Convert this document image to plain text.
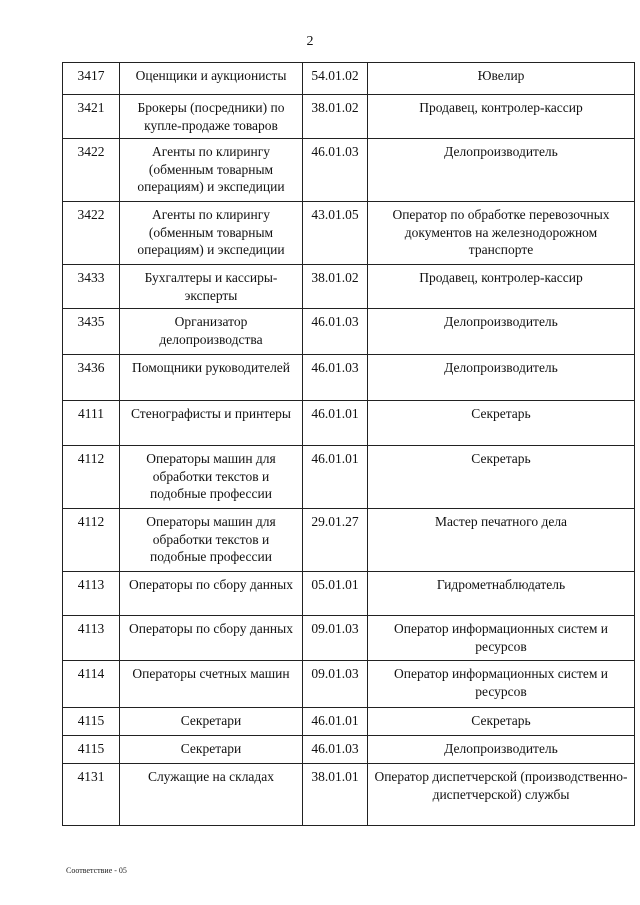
2
3417	Оценщики и аукционисты	54.01.02	Ювелир
3421	Брокеры (посредники) по купле-продаже товаров	38.01.02	Продавец, контролер-кассир
3422	Агенты по клирингу (обменным товарным операциям) и экспедиции	46.01.03	Делопроизводитель
3422	Агенты по клирингу (обменным товарным операциям) и экспедиции	43.01.05	Оператор по обработке перевозочных документов на железнодорожном транспорте
3433	Бухгалтеры и кассиры-эксперты	38.01.02	Продавец, контролер-кассир
3435	Организатор делопроизводства	46.01.03	Делопроизводитель
3436	Помощники руководителей	46.01.03	Делопроизводитель
4111	Стенографисты и принтеры	46.01.01	Секретарь
4112	Операторы машин для обработки текстов и подобные профессии	46.01.01	Секретарь
4112	Операторы машин для обработки текстов и подобные профессии	29.01.27	Мастер печатного дела
4113	Операторы по сбору данных	05.01.01	Гидрометнаблюдатель
4113	Операторы по сбору данных	09.01.03	Оператор информационных систем и ресурсов
4114	Операторы счетных машин	09.01.03	Оператор информационных систем и ресурсов
4115	Секретари	46.01.01	Секретарь
4115	Секретари	46.01.03	Делопроизводитель
4131	Служащие на складах	38.01.01	Оператор диспетчерской (производственно-диспетчерской) службы
Соответствие - 05
